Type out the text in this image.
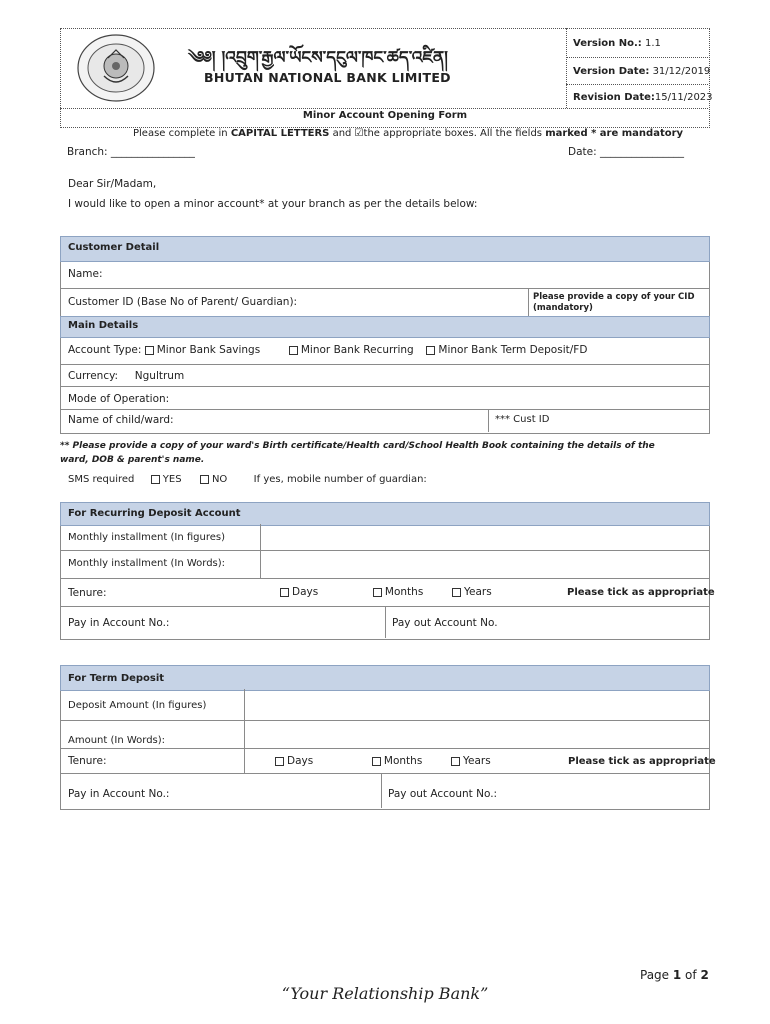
༄༅། །འབྲུག་རྒྱལ་ཡོངས་དངུལ་ཁང་ཚད་འཛིན།
BHUTAN NATIONAL BANK LIMITED
Version No.: 1.1
Version Date: 31/12/2019
Revision Date:15/11/2023
Minor Account Opening Form
Please complete in CAPITAL LETTERS and ☑the appropriate boxes. All the fields marked * are mandatory
Branch: ________________	Date: ________________
Dear Sir/Madam,
I would like to open a minor account* at your branch as per the details below:
Customer Detail
Name:
Customer ID (Base No of Parent/ Guardian):	Please provide a copy of your CID (mandatory)
Main Details
Account Type: Minor Bank Savings	Minor Bank Recurring Minor Bank Term Deposit/FD
Currency: Ngultrum
Mode of Operation:
Name of child/ward:	*** Cust ID
** Please provide a copy of your ward's Birth certificate/Health card/School Health Book containing the details of the ward, DOB & parent's name.
SMS required	YES	NO	If yes, mobile number of guardian:
For Recurring Deposit Account
Monthly installment (In figures)
Monthly installment (In Words):
Tenure:	Days	Months	Years	Please tick as appropriate
Pay in Account No.:	Pay out Account No.
For Term Deposit
Deposit Amount (In figures)
Amount (In Words):
Tenure:	Days	Months	Years	Please tick as appropriate
Pay in Account No.:	Pay out Account No.:
Page 1 of 2
“Your Relationship Bank”
